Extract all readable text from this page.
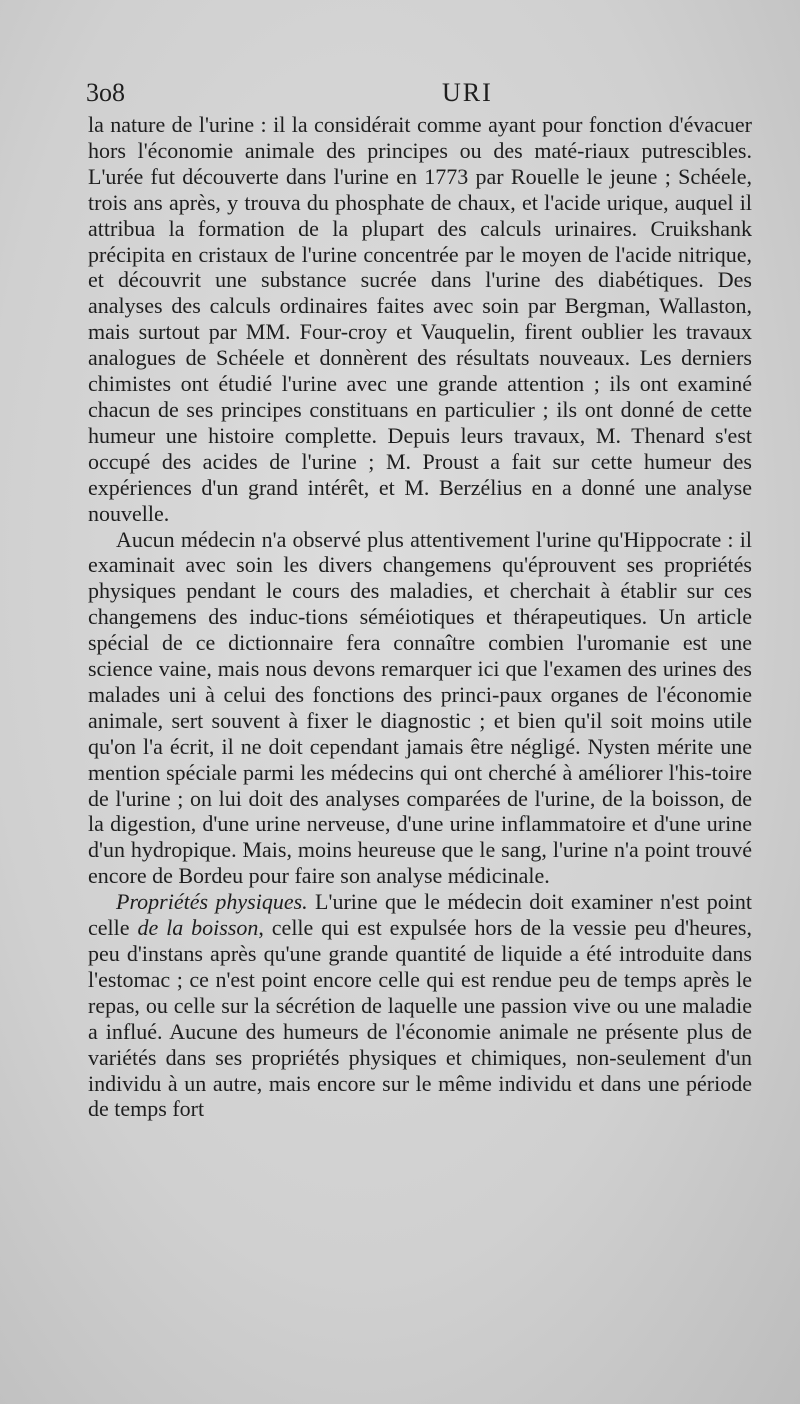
3o8	URI

la nature de l'urine : il la considérait comme ayant pour fonction d'évacuer hors l'économie animale des principes ou des maté-riaux putrescibles. L'urée fut découverte dans l'urine en 1773 par Rouelle le jeune ; Schéele, trois ans après, y trouva du phosphate de chaux, et l'acide urique, auquel il attribua la formation de la plupart des calculs urinaires. Cruikshank précipita en cristaux de l'urine concentrée par le moyen de l'acide nitrique, et découvrit une substance sucrée dans l'urine des diabétiques. Des analyses des calculs ordinaires faites avec soin par Bergman, Wallaston, mais surtout par MM. Four-croy et Vauquelin, firent oublier les travaux analogues de Schéele et donnèrent des résultats nouveaux. Les derniers chimistes ont étudié l'urine avec une grande attention ; ils ont examiné chacun de ses principes constituans en particulier ; ils ont donné de cette humeur une histoire complette. Depuis leurs travaux, M. Thenard s'est occupé des acides de l'urine ; M. Proust a fait sur cette humeur des expériences d'un grand intérêt, et M. Berzélius en a donné une analyse nouvelle.

Aucun médecin n'a observé plus attentivement l'urine qu'Hippocrate : il examinait avec soin les divers changemens qu'éprouvent ses propriétés physiques pendant le cours des maladies, et cherchait à établir sur ces changemens des induc-tions séméiotiques et thérapeutiques. Un article spécial de ce dictionnaire fera connaître combien l'uromanie est une science vaine, mais nous devons remarquer ici que l'examen des urines des malades uni à celui des fonctions des princi-paux organes de l'économie animale, sert souvent à fixer le diagnostic ; et bien qu'il soit moins utile qu'on l'a écrit, il ne doit cependant jamais être négligé. Nysten mérite une mention spéciale parmi les médecins qui ont cherché à améliorer l'his-toire de l'urine ; on lui doit des analyses comparées de l'urine, de la boisson, de la digestion, d'une urine nerveuse, d'une urine inflammatoire et d'une urine d'un hydropique. Mais, moins heureuse que le sang, l'urine n'a point trouvé encore de Bordeu pour faire son analyse médicinale.

Propriétés physiques. L'urine que le médecin doit examiner n'est point celle de la boisson, celle qui est expulsée hors de la vessie peu d'heures, peu d'instans après qu'une grande quantité de liquide a été introduite dans l'estomac ; ce n'est point encore celle qui est rendue peu de temps après le repas, ou celle sur la sécrétion de laquelle une passion vive ou une maladie a influé. Aucune des humeurs de l'économie animale ne présente plus de variétés dans ses propriétés physiques et chimiques, non-seulement d'un individu à un autre, mais encore sur le même individu et dans une période de temps fort
